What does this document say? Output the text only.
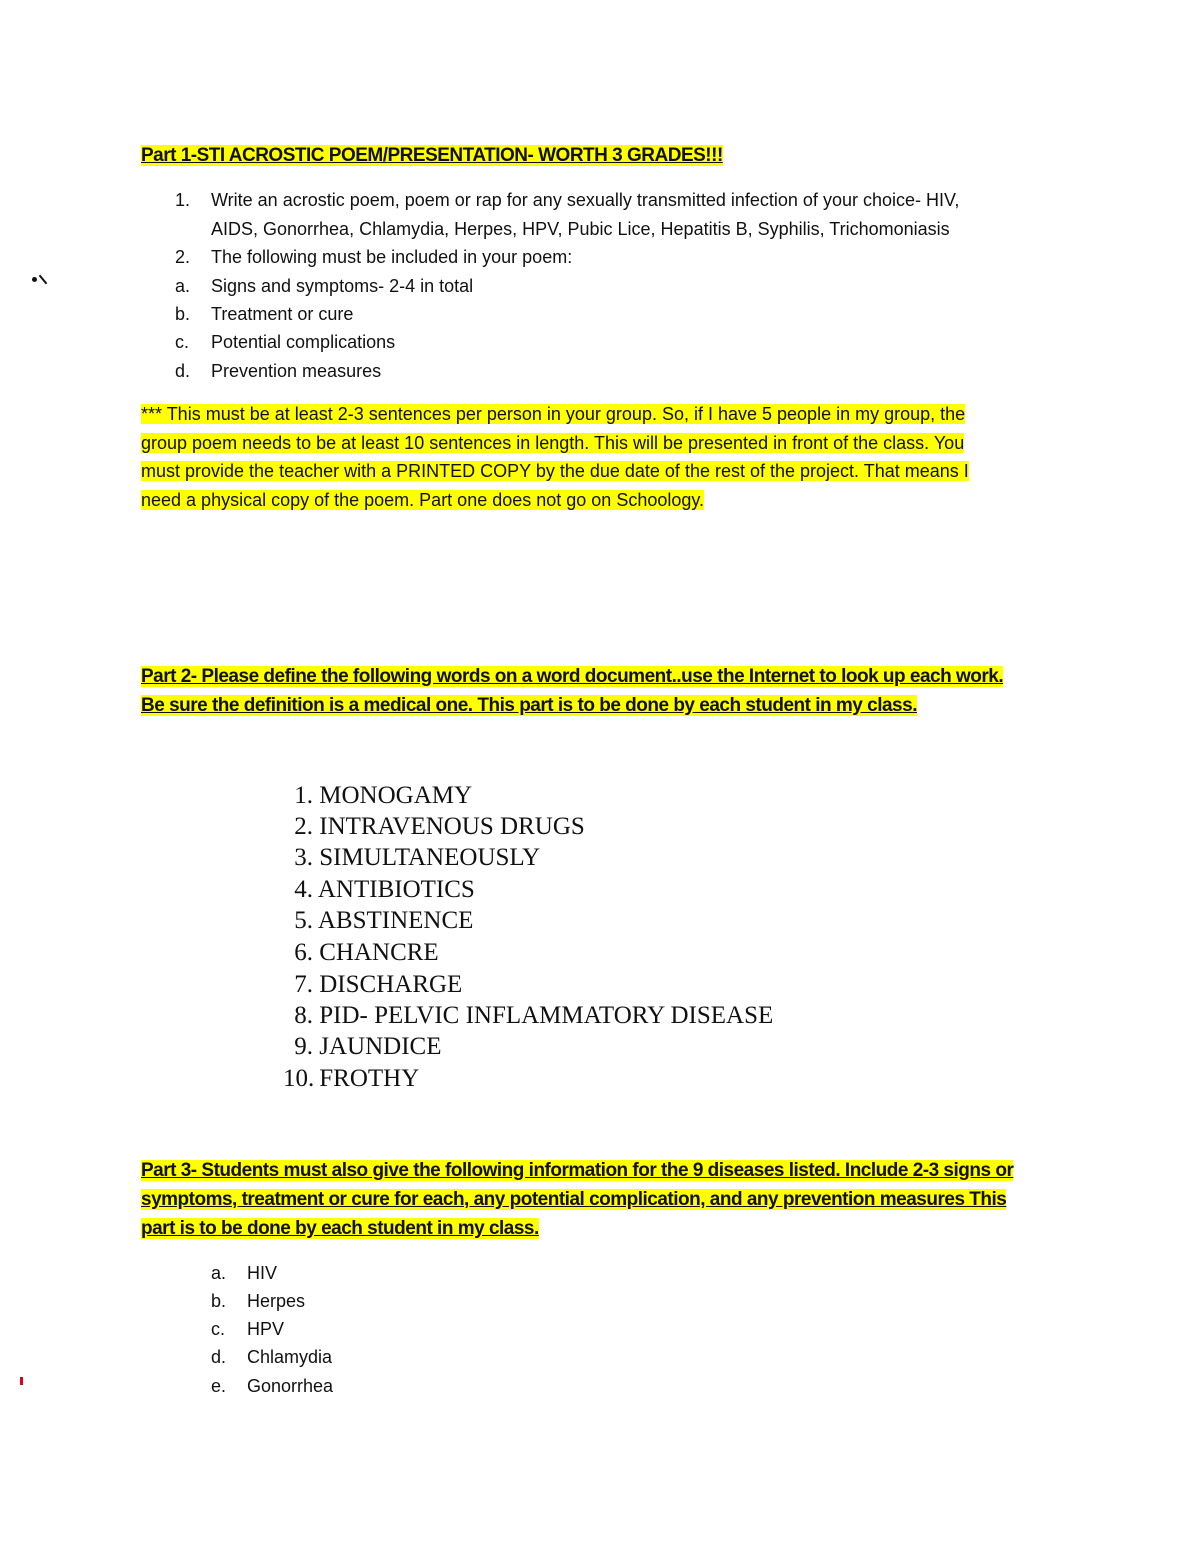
Part 1-STI ACROSTIC POEM/PRESENTATION- WORTH 3 GRADES!!!
1. Write an acrostic poem, poem or rap for any sexually transmitted infection of your choice- HIV,
AIDS, Gonorrhea, Chlamydia, Herpes, HPV, Pubic Lice, Hepatitis B, Syphilis, Trichomoniasis
2. The following must be included in your poem:
a. Signs and symptoms- 2-4 in total
b. Treatment or cure
c. Potential complications
d. Prevention measures
*** This must be at least 2-3 sentences per person in your group. So, if I have 5 people in my group, the
group poem needs to be at least 10 sentences in length. This will be presented in front of the class. You
must provide the teacher with a PRINTED COPY by the due date of the rest of the project. That means I
need a physical copy of the poem. Part one does not go on Schoology.
Part 2- Please define the following words on a word document..use the Internet to look up each work.
Be sure the definition is a medical one. This part is to be done by each student in my class.
1. MONOGAMY
2. INTRAVENOUS DRUGS
3. SIMULTANEOUSLY
4. ANTIBIOTICS
5. ABSTINENCE
6. CHANCRE
7. DISCHARGE
8. PID- PELVIC INFLAMMATORY DISEASE
9. JAUNDICE
10. FROTHY
Part 3- Students must also give the following information for the 9 diseases listed. Include 2-3 signs or
symptoms, treatment or cure for each, any potential complication, and any prevention measures This
part is to be done by each student in my class.
a. HIV
b. Herpes
c. HPV
d. Chlamydia
e. Gonorrhea
